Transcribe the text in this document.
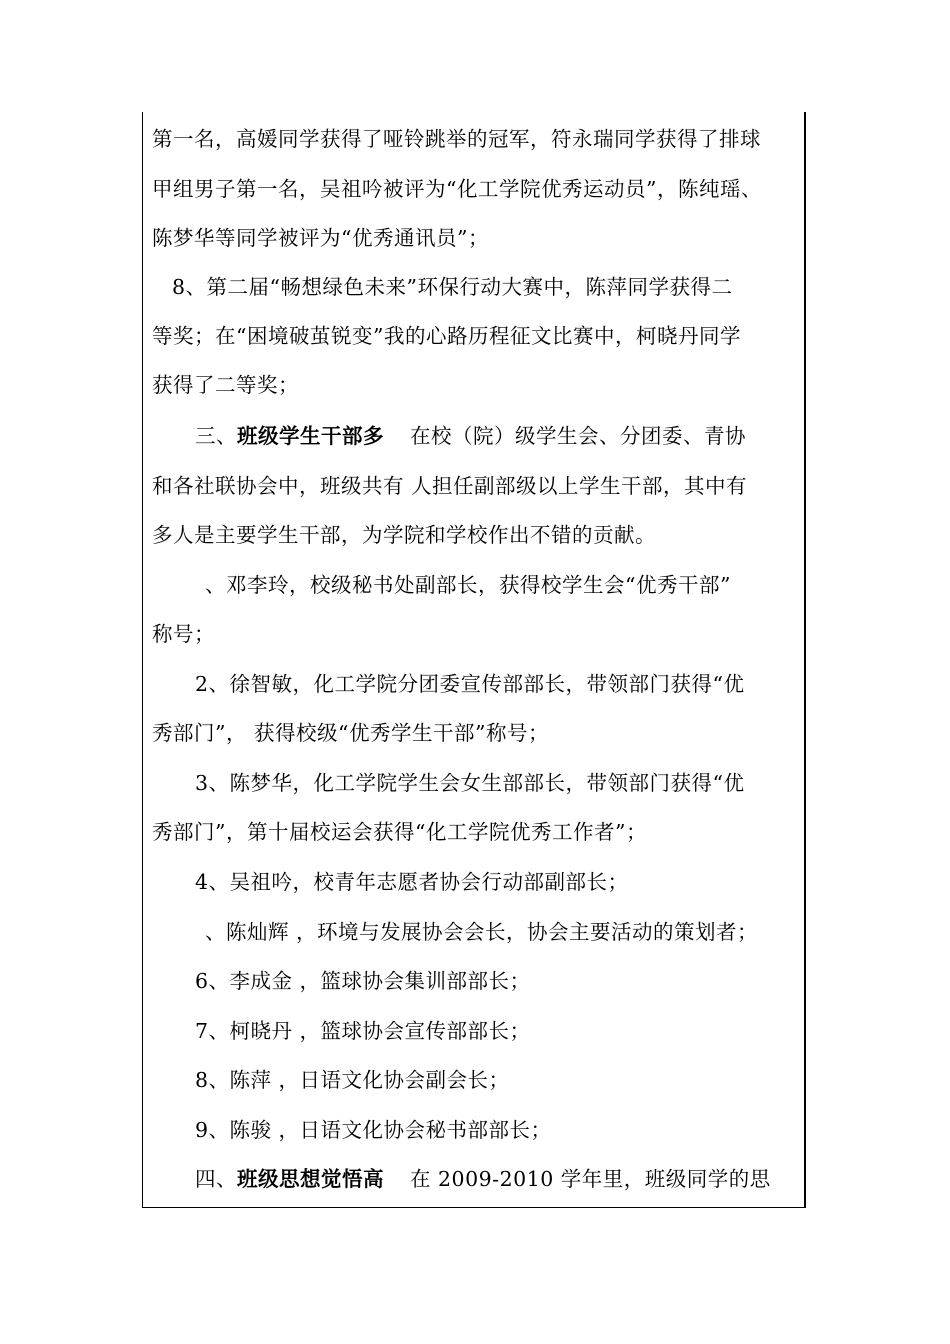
第一名，高媛同学获得了哑铃跳举的冠军，符永瑞同学获得了排球
甲组男子第一名，吴祖吟被评为“化工学院优秀运动员”，陈纯瑶、
陈梦华等同学被评为“优秀通讯员”；
8、第二届“畅想绿色未来”环保行动大赛中，陈萍同学获得二
等奖；在“困境破茧锐变”我的心路历程征文比赛中，柯晓丹同学
获得了二等奖；
三、班级学生干部多 在校（院）级学生会、分团委、青协
和各社联协会中，班级共有 人担任副部级以上学生干部，其中有
多人是主要学生干部，为学院和学校作出不错的贡献。
、邓李玲，校级秘书处副部长，获得校学生会“优秀干部”
称号；
2、徐智敏，化工学院分团委宣传部部长，带领部门获得“优
秀部门”， 获得校级“优秀学生干部”称号；
3、陈梦华，化工学院学生会女生部部长，带领部门获得“优
秀部门”，第十届校运会获得“化工学院优秀工作者”；
4、吴祖吟，校青年志愿者协会行动部副部长；
、陈灿辉 ，环境与发展协会会长，协会主要活动的策划者；
6、李成金 ，篮球协会集训部部长；
7、柯晓丹 ，篮球协会宣传部部长；
8、陈萍 ，日语文化协会副会长；
9、陈骏 ，日语文化协会秘书部部长；
四、班级思想觉悟高 在 2009-2010 学年里，班级同学的思
